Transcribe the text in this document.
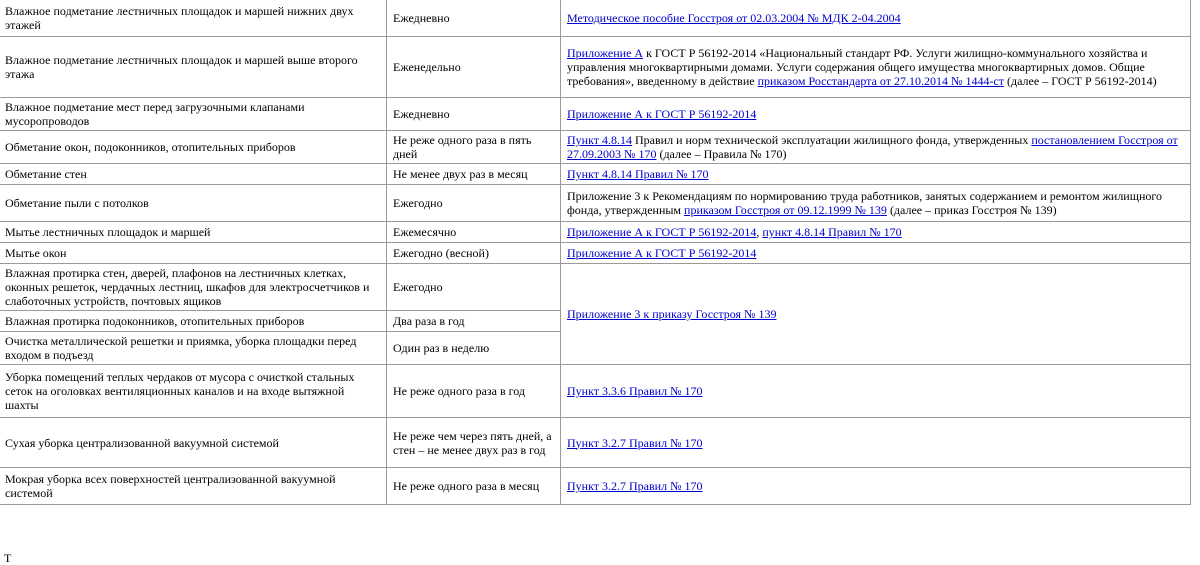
Влажное подметание лестничных площадок и маршей нижних двух этажей	Ежедневно	Методическое пособие Госстроя от 02.03.2004 № МДК 2-04.2004
Влажное подметание лестничных площадок и маршей выше второго этажа	Еженедельно	Приложение А к ГОСТ Р 56192-2014 «Национальный стандарт РФ. Услуги жилищно-коммунального хозяйства и управления многоквартирными домами. Услуги содержания общего имущества многоквартирных домов. Общие требования», введенному в действие приказом Росстандарта от 27.10.2014 № 1444-ст (далее – ГОСТ Р 56192-2014)
Влажное подметание мест перед загрузочными клапанами мусоропроводов	Ежедневно	Приложение А к ГОСТ Р 56192-2014
Обметание окон, подоконников, отопительных приборов	Не реже одного раза в пять дней	Пункт 4.8.14 Правил и норм технической эксплуатации жилищного фонда, утвержденных постановлением Госстроя от 27.09.2003 № 170 (далее – Правила № 170)
Обметание стен	Не менее двух раз в месяц	Пункт 4.8.14 Правил № 170
Обметание пыли с потолков	Ежегодно	Приложение 3 к Рекомендациям по нормированию труда работников, занятых содержанием и ремонтом жилищного фонда, утвержденным приказом Госстроя от 09.12.1999 № 139 (далее – приказ Госстроя № 139)
Мытье лестничных площадок и маршей	Ежемесячно	Приложение А к ГОСТ Р 56192-2014, пункт 4.8.14 Правил № 170
Мытье окон	Ежегодно (весной)	Приложение А к ГОСТ Р 56192-2014
Влажная протирка стен, дверей, плафонов на лестничных клетках, оконных решеток, чердачных лестниц, шкафов для электросчетчиков и слаботочных устройств, почтовых ящиков	Ежегодно	Приложение 3 к приказу Госстроя № 139
Влажная протирка подоконников, отопительных приборов	Два раза в год	
Очистка металлической решетки и приямка, уборка площадки перед входом в подъезд	Один раз в неделю	
Уборка помещений теплых чердаков от мусора с очисткой стальных сеток на оголовках вентиляционных каналов и на входе вытяжной шахты	Не реже одного раза в год	Пункт 3.3.6 Правил № 170
Сухая уборка централизованной вакуумной системой	Не реже чем через пять дней, а стен – не менее двух раз в год	Пункт 3.2.7 Правил № 170
Мокрая уборка всех поверхностей централизованной вакуумной системой	Не реже одного раза в месяц	Пункт 3.2.7 Правил № 170
Т
